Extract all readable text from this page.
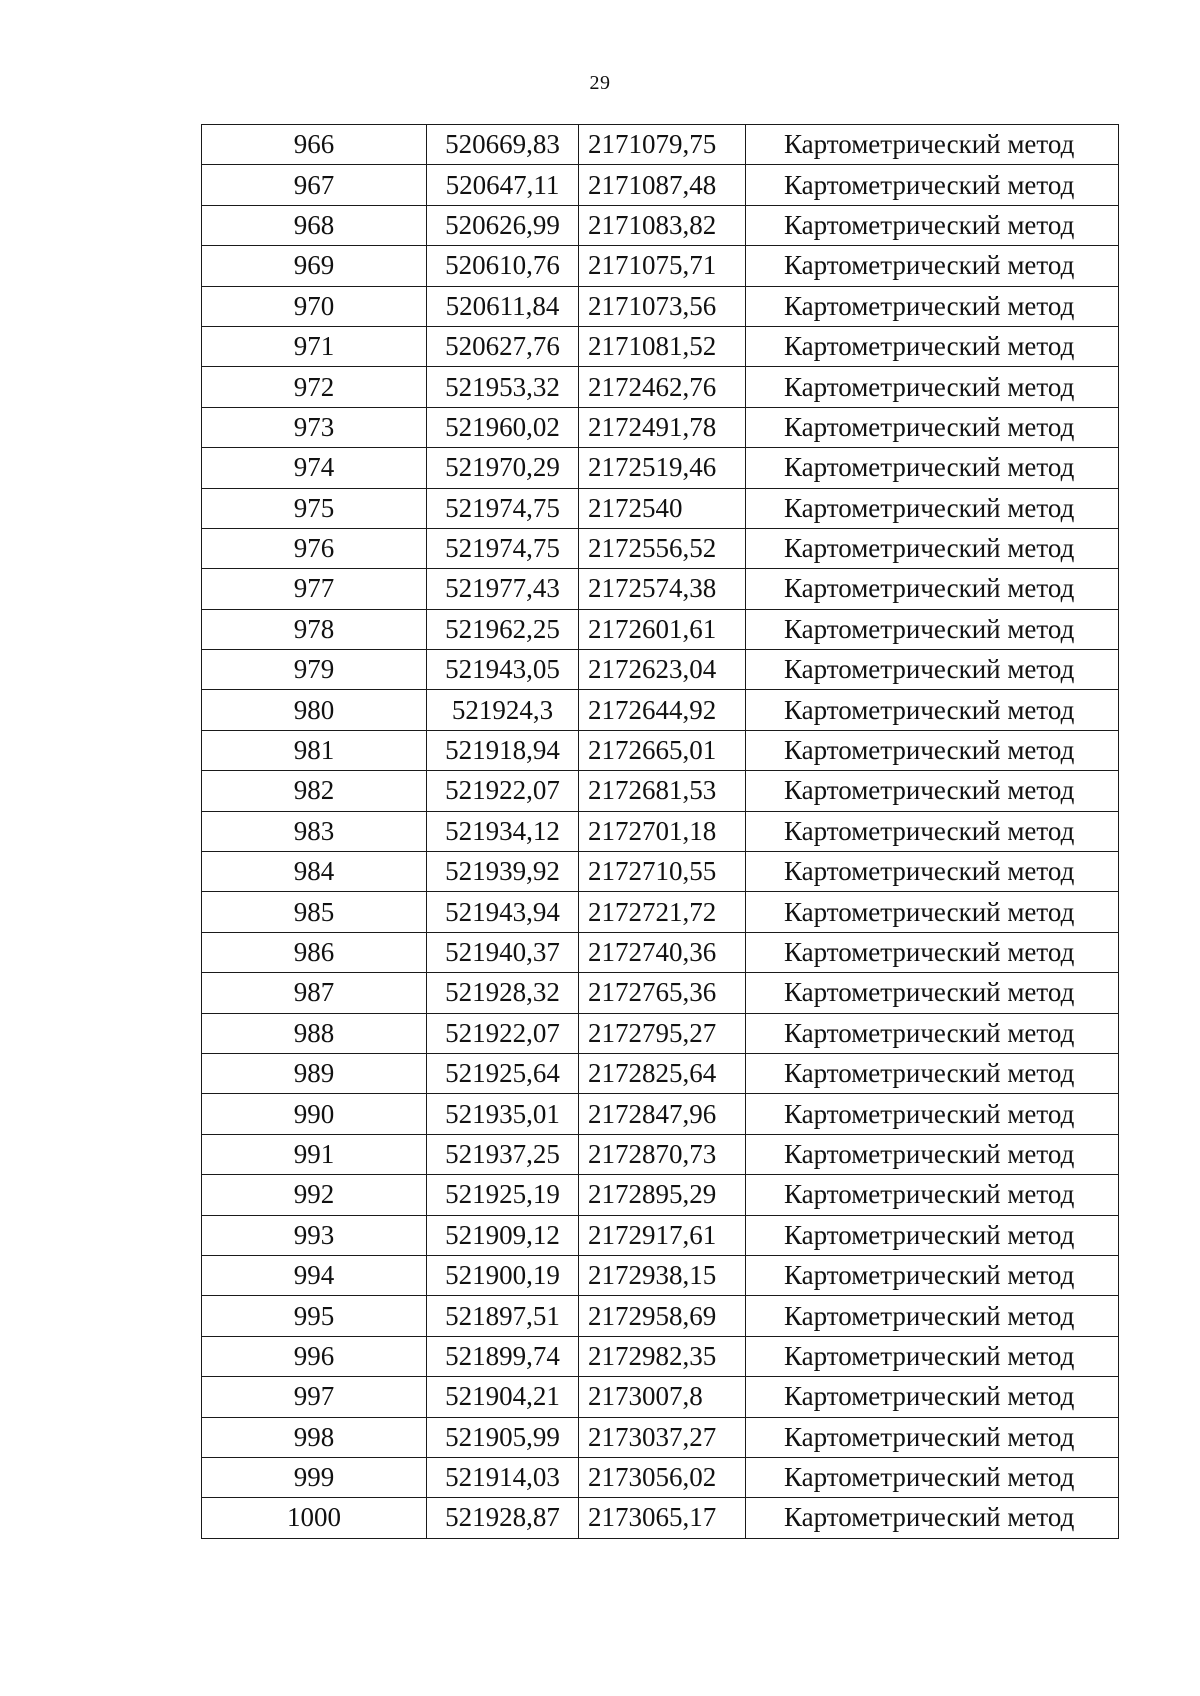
29
966	520669,83	2171079,75	Картометрический метод
967	520647,11	2171087,48	Картометрический метод
968	520626,99	2171083,82	Картометрический метод
969	520610,76	2171075,71	Картометрический метод
970	520611,84	2171073,56	Картометрический метод
971	520627,76	2171081,52	Картометрический метод
972	521953,32	2172462,76	Картометрический метод
973	521960,02	2172491,78	Картометрический метод
974	521970,29	2172519,46	Картометрический метод
975	521974,75	2172540	Картометрический метод
976	521974,75	2172556,52	Картометрический метод
977	521977,43	2172574,38	Картометрический метод
978	521962,25	2172601,61	Картометрический метод
979	521943,05	2172623,04	Картометрический метод
980	521924,3	2172644,92	Картометрический метод
981	521918,94	2172665,01	Картометрический метод
982	521922,07	2172681,53	Картометрический метод
983	521934,12	2172701,18	Картометрический метод
984	521939,92	2172710,55	Картометрический метод
985	521943,94	2172721,72	Картометрический метод
986	521940,37	2172740,36	Картометрический метод
987	521928,32	2172765,36	Картометрический метод
988	521922,07	2172795,27	Картометрический метод
989	521925,64	2172825,64	Картометрический метод
990	521935,01	2172847,96	Картометрический метод
991	521937,25	2172870,73	Картометрический метод
992	521925,19	2172895,29	Картометрический метод
993	521909,12	2172917,61	Картометрический метод
994	521900,19	2172938,15	Картометрический метод
995	521897,51	2172958,69	Картометрический метод
996	521899,74	2172982,35	Картометрический метод
997	521904,21	2173007,8	Картометрический метод
998	521905,99	2173037,27	Картометрический метод
999	521914,03	2173056,02	Картометрический метод
1000	521928,87	2173065,17	Картометрический метод
